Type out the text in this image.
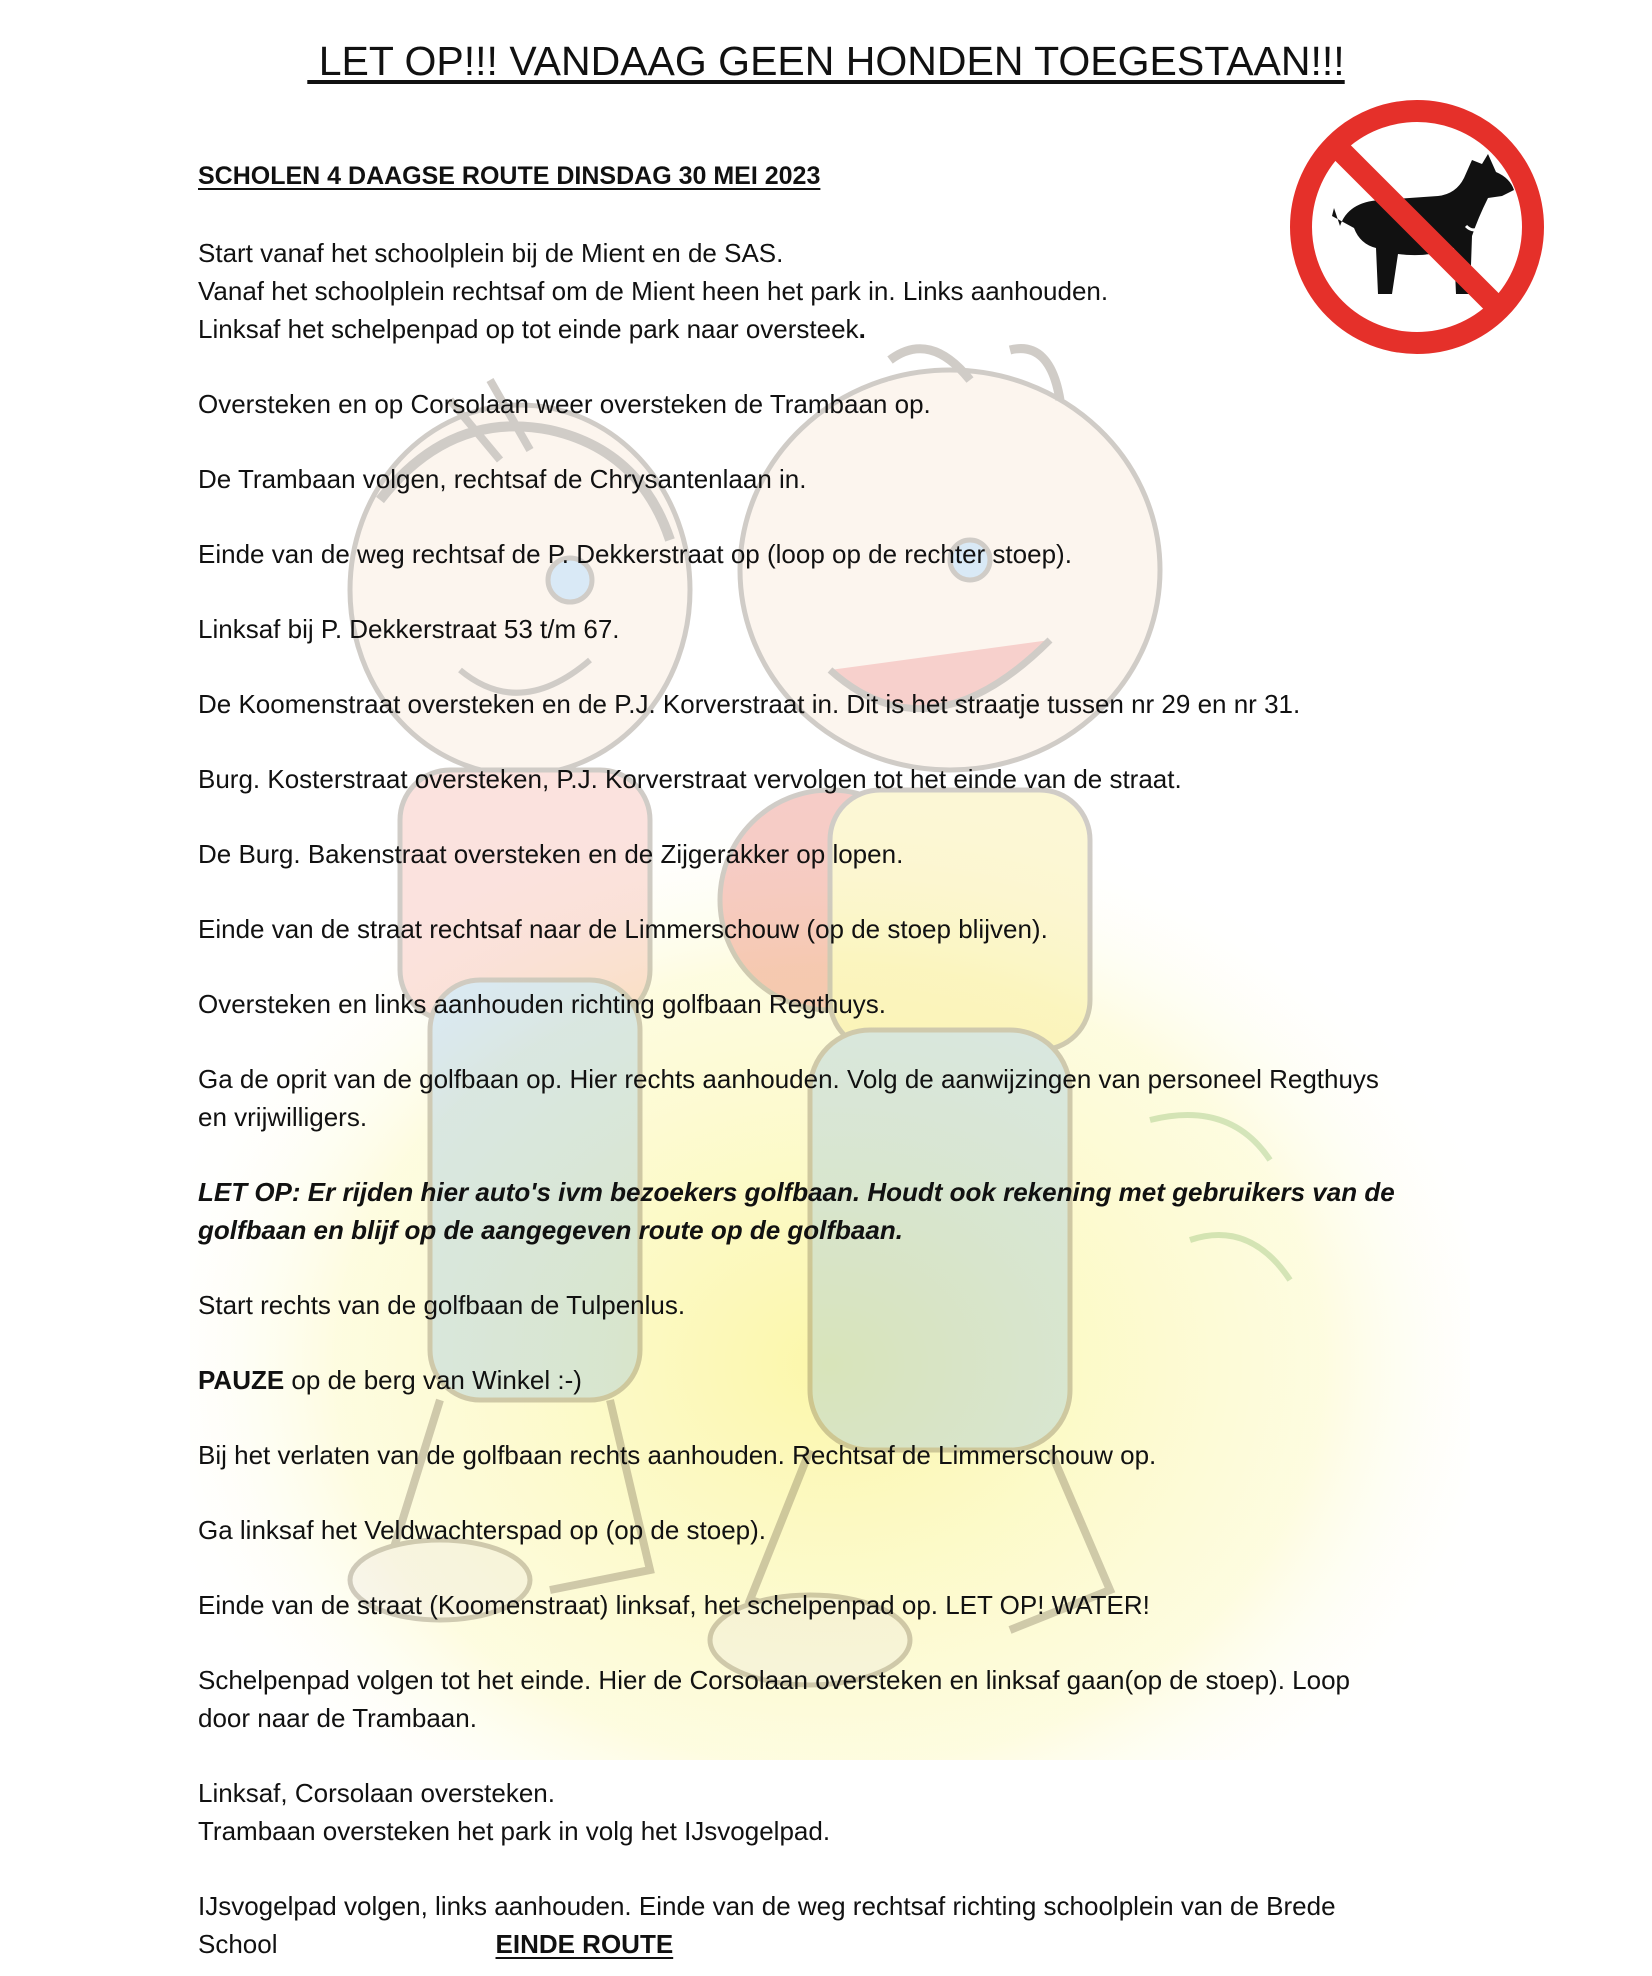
LET OP!!! VANDAAG GEEN HONDEN TOEGESTAAN!!!
SCHOLEN 4 DAAGSE ROUTE DINSDAG 30 MEI 2023

Start vanaf het schoolplein bij de Mient en de SAS.
Vanaf het schoolplein rechtsaf om de Mient heen het park in. Links aanhouden.
Linksaf het schelpenpad op tot einde park naar oversteek.

Oversteken en op Corsolaan weer oversteken de Trambaan op.

De Trambaan volgen, rechtsaf de Chrysantenlaan in.

Einde van de weg rechtsaf de P. Dekkerstraat op (loop op de rechter stoep).

Linksaf bij P. Dekkerstraat 53 t/m 67.

De Koomenstraat oversteken en de P.J. Korverstraat in. Dit is het straatje tussen nr 29 en nr 31.

Burg. Kosterstraat oversteken, P.J. Korverstraat vervolgen tot het einde van de straat.

De Burg. Bakenstraat oversteken en de Zijgerakker op lopen.

Einde van de straat rechtsaf naar de Limmerschouw (op de stoep blijven).

Oversteken en links aanhouden richting golfbaan Regthuys.

Ga de oprit van de golfbaan op. Hier rechts aanhouden. Volg de aanwijzingen van personeel Regthuys
en vrijwilligers.

LET OP: Er rijden hier auto's ivm bezoekers golfbaan. Houdt ook rekening met gebruikers van de
golfbaan en blijf op de aangegeven route op de golfbaan.

Start rechts van de golfbaan de Tulpenlus.

PAUZE op de berg van Winkel :-)

Bij het verlaten van de golfbaan rechts aanhouden. Rechtsaf de Limmerschouw op.

Ga linksaf het Veldwachterspad op (op de stoep).

Einde van de straat (Koomenstraat) linksaf, het schelpenpad op. LET OP! WATER!

Schelpenpad volgen tot het einde. Hier de Corsolaan oversteken en linksaf gaan(op de stoep). Loop
door naar de Trambaan.

Linksaf, Corsolaan oversteken.
Trambaan oversteken het park in volg het IJsvogelpad.

IJsvogelpad volgen, links aanhouden. Einde van de weg rechtsaf richting schoolplein van de Brede
School	EINDE ROUTE
